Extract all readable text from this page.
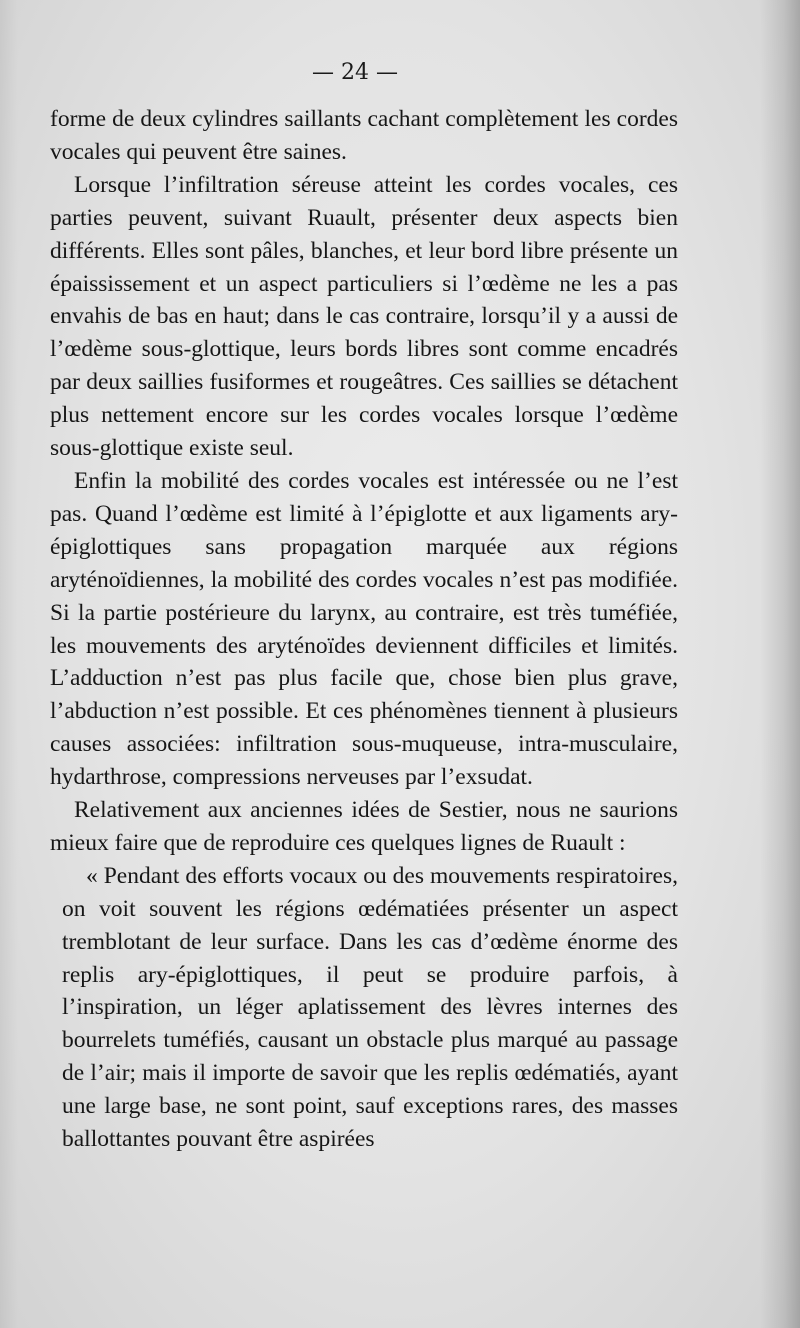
— 24 —

forme de deux cylindres saillants cachant complètement les cordes vocales qui peuvent être saines.

Lorsque l’infiltration séreuse atteint les cordes vocales, ces parties peuvent, suivant Ruault, présenter deux aspects bien différents. Elles sont pâles, blanches, et leur bord libre présente un épaississement et un aspect particuliers si l’œdème ne les a pas envahis de bas en haut; dans le cas contraire, lorsqu’il y a aussi de l’œdème sous-glottique, leurs bords libres sont comme encadrés par deux saillies fusiformes et rougeâtres. Ces saillies se détachent plus nettement encore sur les cordes vocales lorsque l’œdème sous-glottique existe seul.

Enfin la mobilité des cordes vocales est intéressée ou ne l’est pas. Quand l’œdème est limité à l’épiglotte et aux ligaments ary-épiglottiques sans propagation marquée aux régions aryténoïdiennes, la mobilité des cordes vocales n’est pas modifiée. Si la partie postérieure du larynx, au contraire, est très tuméfiée, les mouvements des aryténoïdes deviennent difficiles et limités. L’adduction n’est pas plus facile que, chose bien plus grave, l’abduction n’est possible. Et ces phénomènes tiennent à plusieurs causes associées: infiltration sous-muqueuse, intra-musculaire, hydarthrose, compressions nerveuses par l’exsudat.

Relativement aux anciennes idées de Sestier, nous ne saurions mieux faire que de reproduire ces quelques lignes de Ruault :

« Pendant des efforts vocaux ou des mouvements respiratoires, on voit souvent les régions œdématiées présenter un aspect tremblotant de leur surface. Dans les cas d’œdème énorme des replis ary-épiglottiques, il peut se produire parfois, à l’inspiration, un léger aplatissement des lèvres internes des bourrelets tuméfiés, causant un obstacle plus marqué au passage de l’air; mais il importe de savoir que les replis œdématiés, ayant une large base, ne sont point, sauf exceptions rares, des masses ballottantes pouvant être aspirées
